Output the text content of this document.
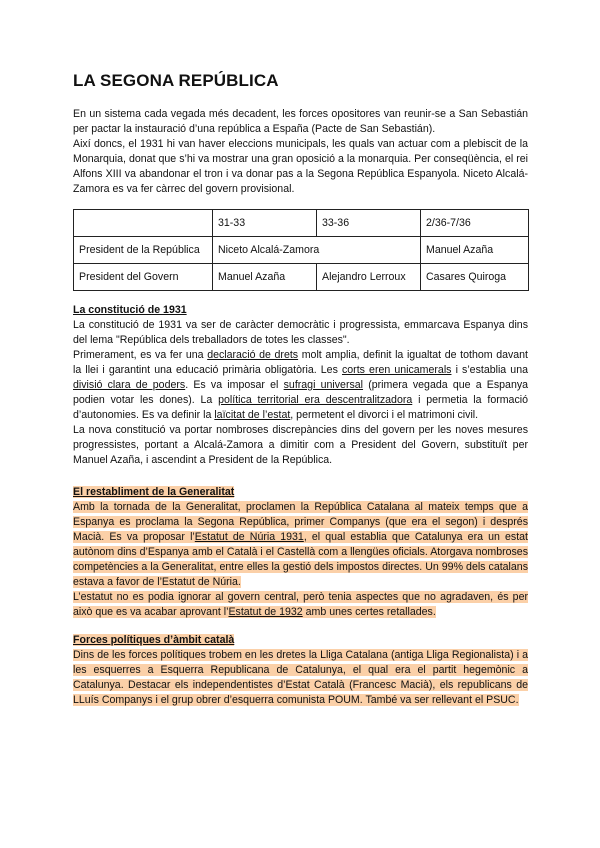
LA SEGONA REPÚBLICA

En un sistema cada vegada més decadent, les forces opositores van reunir-se a San Sebastián per pactar la instauració d’una república a España (Pacte de San Sebastián).

Així doncs, el 1931 hi van haver eleccions municipals, les quals van actuar com a plebiscit de la Monarquia, donat que s’hi va mostrar una gran oposició a la monarquia. Per conseqüència, el rei Alfons XIII va abandonar el tron i va donar pas a la Segona República Espanyola. Niceto Alcalá-Zamora es va fer càrrec del govern provisional.

	31-33	33-36	2/36-7/36
President de la República	Niceto Alcalá-Zamora		Manuel Azaña
President del Govern	Manuel Azaña	Alejandro Lerroux	Casares Quiroga
La constitució de 1931

La constitució de 1931 va ser de caràcter democràtic i progressista, emmarcava Espanya dins del lema "República dels treballadors de totes les classes".

Primerament, es va fer una declaració de drets molt amplia, definit la igualtat de tothom davant la llei i garantint una educació primària obligatòria. Les corts eren unicamerals i s’establia una divisió clara de poders. Es va imposar el sufragi universal (primera vegada que a Espanya podien votar les dones). La política territorial era descentralitzadora i permetia la formació d’autonomies. Es va definir la laïcitat de l’estat, permetent el divorci i el matrimoni civil.

La nova constitució va portar nombroses discrepàncies dins del govern per les noves mesures progressistes, portant a Alcalá-Zamora a dimitir com a President del Govern, substituït per Manuel Azaña, i ascendint a President de la República.

El restabliment de la Generalitat

Amb la tornada de la Generalitat, proclamen la República Catalana al mateix temps que a Espanya es proclama la Segona República, primer Companys (que era el segon) i després Macià. Es va proposar l’Estatut de Núria 1931, el qual establia que Catalunya era un estat autònom dins d’Espanya amb el Català i el Castellà com a llengües oficials. Atorgava nombroses competències a la Generalitat, entre elles la gestió dels impostos directes. Un 99% dels catalans estava a favor de l’Estatut de Núria.

L’estatut no es podia ignorar al govern central, però tenia aspectes que no agradaven, és per això que es va acabar aprovant l’Estatut de 1932 amb unes certes retallades.

Forces polítiques d’àmbit català

Dins de les forces polítiques trobem en les dretes la Lliga Catalana (antiga Lliga Regionalista) i a les esquerres a Esquerra Republicana de Catalunya, el qual era el partit hegemònic a Catalunya. Destacar els independentistes d’Estat Català (Francesc Macià), els republicans de LLuís Companys i el grup obrer d’esquerra comunista POUM. També va ser rellevant el PSUC.
